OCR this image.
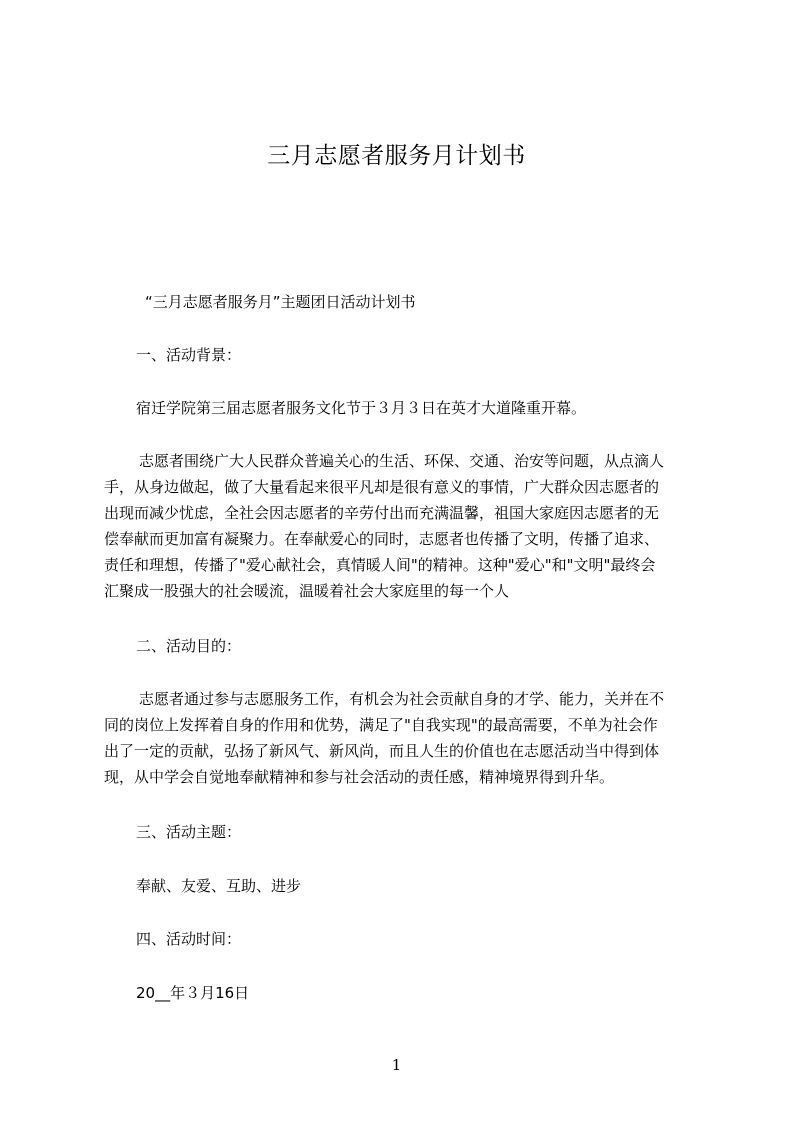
三月志愿者服务月计划书
“三月志愿者服务月”主题团日活动计划书
一、活动背景：
宿迁学院第三届志愿者服务文化节于３月３日在英才大道隆重开幕。
志愿者围绕广大人民群众普遍关心的生活、环保、交通、治安等问题，从点滴人
手，从身边做起，做了大量看起来很平凡却是很有意义的事情，广大群众因志愿者的
出现而减少忧虑，全社会因志愿者的辛劳付出而充满温馨，祖国大家庭因志愿者的无
偿奉献而更加富有凝聚力。在奉献爱心的同时，志愿者也传播了文明，传播了追求、
责任和理想，传播了"爱心献社会，真情暖人间"的精神。这种"爱心"和"文明"最终会
汇聚成一股强大的社会暖流，温暖着社会大家庭里的每一个人
二、活动目的：
志愿者通过参与志愿服务工作，有机会为社会贡献自身的才学、能力，关并在不
同的岗位上发挥着自身的作用和优势，满足了"自我实现"的最高需要，不单为社会作
出了一定的贡献，弘扬了新风气、新风尚，而且人生的价值也在志愿活动当中得到体
现，从中学会自觉地奉献精神和参与社会活动的责任感，精神境界得到升华。
三、活动主题：
奉献、友爱、互助、进步
四、活动时间：
20__年３月16日
1
